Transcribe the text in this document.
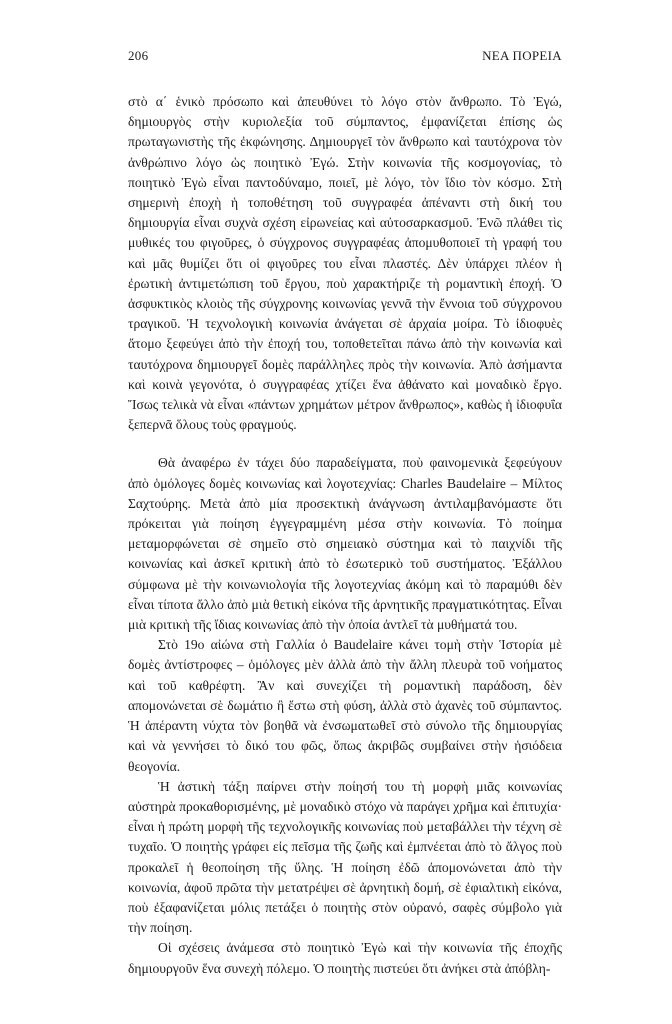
206	ΝΕΑ ΠΟΡΕΙΑ

στὸ α΄ ἑνικὸ πρόσωπο καὶ ἀπευθύνει τὸ λόγο στὸν ἄνθρωπο. Τὸ Ἐγώ, δημιουργὸς στὴν κυριολεξία τοῦ σύμπαντος, ἐμφανίζεται ἐπίσης ὡς πρωταγωνιστὴς τῆς ἐκφώνησης. Δημιουργεῖ τὸν ἄνθρωπο καὶ ταυτόχρονα τὸν ἀνθρώπινο λόγο ὡς ποιητικὸ Ἐγώ. Στὴν κοινωνία τῆς κοσμογονίας, τὸ ποιητικὸ Ἐγὼ εἶναι παντοδύναμο, ποιεῖ, μὲ λόγο, τὸν ἴδιο τὸν κόσμο. Στὴ σημερινὴ ἐποχὴ ἡ τοποθέτηση τοῦ συγγραφέα ἀπέναντι στὴ δική του δημιουργία εἶναι συχνὰ σχέση εἰρωνείας καὶ αὐτοσαρκασμοῦ. Ἐνῶ πλάθει τὶς μυθικές του φιγοῦρες, ὁ σύγχρονος συγγραφέας ἀπομυθοποιεῖ τὴ γραφή του καὶ μᾶς θυμίζει ὅτι οἱ φιγοῦρες του εἶναι πλαστές. Δὲν ὑπάρχει πλέον ἡ ἐρωτικὴ ἀντιμετώπιση τοῦ ἔργου, ποὺ χαρακτήριζε τὴ ρομαντικὴ ἐποχή. Ὁ ἀσφυκτικὸς κλοιὸς τῆς σύγχρονης κοινωνίας γεννᾶ τὴν ἔννοια τοῦ σύγχρονου τραγικοῦ. Ἡ τεχνολογικὴ κοινωνία ἀνάγεται σὲ ἀρχαία μοίρα. Τὸ ἰδιοφυὲς ἄτομο ξεφεύγει ἀπὸ τὴν ἐποχή του, τοποθετεῖται πάνω ἀπὸ τὴν κοινωνία καὶ ταυτόχρονα δημιουργεῖ δομὲς παράλληλες πρὸς τὴν κοινωνία. Ἀπὸ ἀσήμαντα καὶ κοινὰ γεγονότα, ὁ συγγραφέας χτίζει ἕνα ἀθάνατο καὶ μοναδικὸ ἔργο. Ἴσως τελικὰ νὰ εἶναι «πάντων χρημάτων μέτρον ἄνθρωπος», καθὼς ἡ ἰδιοφυΐα ξεπερνᾶ ὅλους τοὺς φραγμούς.

Θὰ ἀναφέρω ἐν τάχει δύο παραδείγματα, ποὺ φαινομενικὰ ξεφεύγουν ἀπὸ ὁμόλογες δομὲς κοινωνίας καὶ λογοτεχνίας: Charles Baudelaire – Μίλτος Σαχτούρης. Μετὰ ἀπὸ μία προσεκτικὴ ἀνάγνωση ἀντιλαμβανόμαστε ὅτι πρόκειται γιὰ ποίηση ἐγγεγραμμένη μέσα στὴν κοινωνία. Τὸ ποίημα μεταμορφώνεται σὲ σημεῖο στὸ σημειακὸ σύστημα καὶ τὸ παιχνίδι τῆς κοινωνίας καὶ ἀσκεῖ κριτικὴ ἀπὸ τὸ ἐσωτερικὸ τοῦ συστήματος. Ἐξάλλου σύμφωνα μὲ τὴν κοινωνιολογία τῆς λογοτεχνίας ἀκόμη καὶ τὸ παραμύθι δὲν εἶναι τίποτα ἄλλο ἀπὸ μιὰ θετικὴ εἰκόνα τῆς ἀρνητικῆς πραγματικότητας. Εἶναι μιὰ κριτικὴ τῆς ἴδιας κοινωνίας ἀπὸ τὴν ὁποία ἀντλεῖ τὰ μυθήματά του.

Στὸ 19ο αἰώνα στὴ Γαλλία ὁ Baudelaire κάνει τομὴ στὴν Ἱστορία μὲ δομὲς ἀντίστροφες – ὁμόλογες μὲν ἀλλὰ ἀπὸ τὴν ἄλλη πλευρὰ τοῦ νοήματος καὶ τοῦ καθρέφτη. Ἂν καὶ συνεχίζει τὴ ρομαντικὴ παράδοση, δὲν απομονώνεται σὲ δωμάτιο ἢ ἔστω στὴ φύση, ἀλλὰ στὸ ἀχανὲς τοῦ σύμπαντος. Ἡ ἀπέραντη νύχτα τὸν βοηθᾶ νὰ ἐνσωματωθεῖ στὸ σύνολο τῆς δημιουργίας καὶ νὰ γεννήσει τὸ δικό του φῶς, ὅπως ἀκριβῶς συμβαίνει στὴν ἡσιόδεια θεογονία.

Ἡ ἀστικὴ τάξη παίρνει στὴν ποίησή του τὴ μορφὴ μιᾶς κοινωνίας αὐστηρὰ προκαθορισμένης, μὲ μοναδικὸ στόχο νὰ παράγει χρῆμα καὶ ἐπιτυχία· εἶναι ἡ πρώτη μορφὴ τῆς τεχνολογικῆς κοινωνίας ποὺ μεταβάλλει τὴν τέχνη σὲ τυχαῖο. Ὁ ποιητὴς γράφει εἰς πεῖσμα τῆς ζωῆς καὶ ἐμπνέεται ἀπὸ τὸ ἄλγος ποὺ προκαλεῖ ἡ θεοποίηση τῆς ὕλης. Ἡ ποίηση ἐδῶ ἀπομονώνεται ἀπὸ τὴν κοινωνία, ἀφοῦ πρῶτα τὴν μετατρέψει σὲ ἀρνητικὴ δομή, σὲ ἐφιαλτικὴ εἰκόνα, ποὺ ἐξαφανίζεται μόλις πετάξει ὁ ποιητὴς στὸν οὐρανό, σαφὲς σύμβολο γιὰ τὴν ποίηση.

Οἱ σχέσεις ἀνάμεσα στὸ ποιητικὸ Ἐγὼ καὶ τὴν κοινωνία τῆς ἐποχῆς δημιουργοῦν ἕνα συνεχὴ πόλεμο. Ὁ ποιητὴς πιστεύει ὅτι ἀνήκει στὰ ἀπόβλη-
